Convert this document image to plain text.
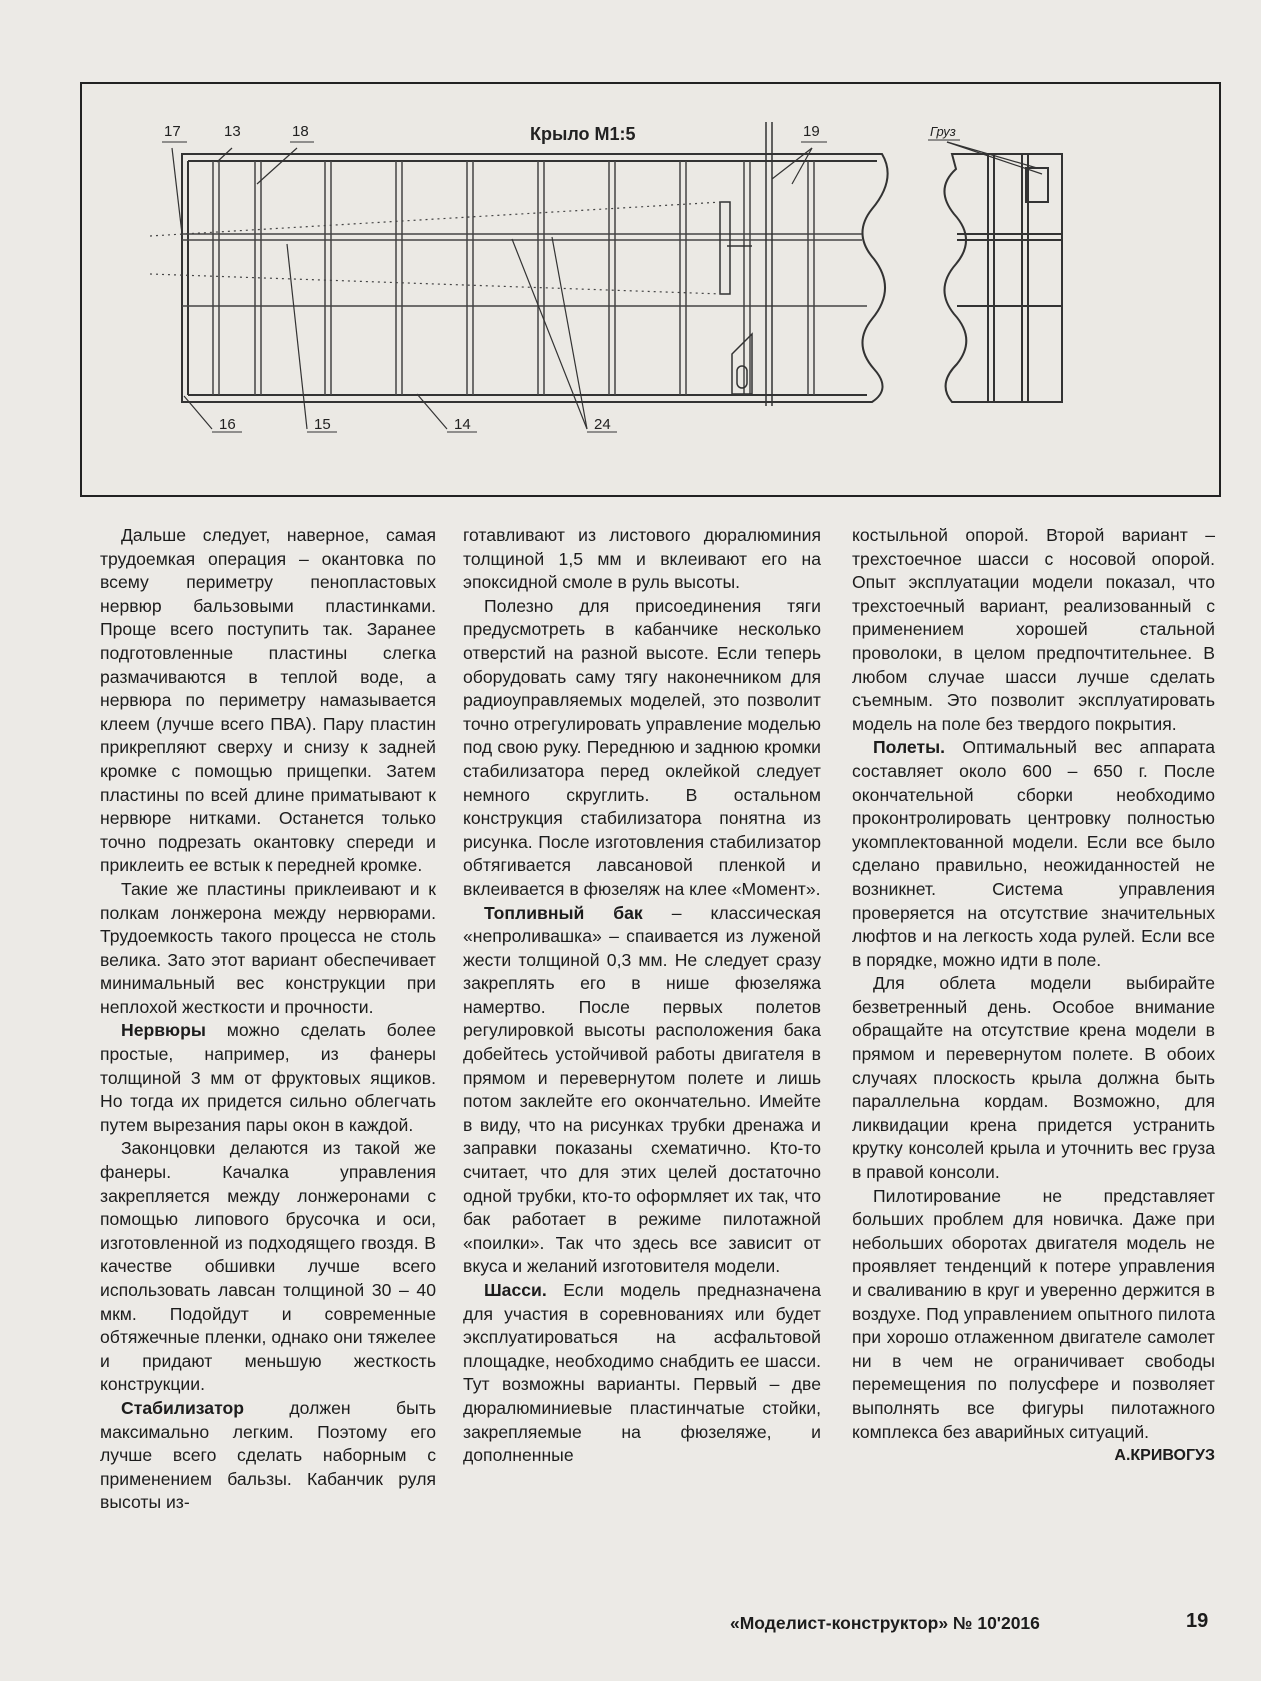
Крыло М1:5
17	13	18	19
16	15	14	24
Груз

Дальше следует, наверное, самая трудоемкая операция – окантовка по всему периметру пенопластовых нервюр бальзовыми пластинками. Проще всего поступить так. Заранее подготовленные пластины слегка размачиваются в теплой воде, а нервюра по периметру намазывается клеем (лучше всего ПВА). Пару пластин прикрепляют сверху и снизу к задней кромке с помощью прищепки. Затем пластины по всей длине приматывают к нервюре нитками. Останется только точно подрезать окантовку спереди и приклеить ее встык к передней кромке.

Такие же пластины приклеивают и к полкам лонжерона между нервюрами. Трудоемкость такого процесса не столь велика. Зато этот вариант обеспечивает минимальный вес конструкции при неплохой жесткости и прочности.

Нервюры можно сделать более простые, например, из фанеры толщиной 3 мм от фруктовых ящиков. Но тогда их придется сильно облегчать путем вырезания пары окон в каждой.

Законцовки делаются из такой же фанеры. Качалка управления закрепляется между лонжеронами с помощью липового брусочка и оси, изготовленной из подходящего гвоздя. В качестве обшивки лучше всего использовать лавсан толщиной 30 – 40 мкм. Подойдут и современные обтяжечные пленки, однако они тяжелее и придают меньшую жесткость конструкции.

Стабилизатор должен быть максимально легким. Поэтому его лучше всего сделать наборным с применением бальзы. Кабанчик руля высоты из-

готавливают из листового дюралюминия толщиной 1,5 мм и вклеивают его на эпоксидной смоле в руль высоты.

Полезно для присоединения тяги предусмотреть в кабанчике несколько отверстий на разной высоте. Если теперь оборудовать саму тягу наконечником для радиоуправляемых моделей, это позволит точно отрегулировать управление моделью под свою руку. Переднюю и заднюю кромки стабилизатора перед оклейкой следует немного скруглить. В остальном конструкция стабилизатора понятна из рисунка. После изготовления стабилизатор обтягивается лавсановой пленкой и вклеивается в фюзеляж на клее «Момент».

Топливный бак – классическая «непроливашка» – спаивается из луженой жести толщиной 0,3 мм. Не следует сразу закреплять его в нише фюзеляжа намертво. После первых полетов регулировкой высоты расположения бака добейтесь устойчивой работы двигателя в прямом и перевернутом полете и лишь потом заклейте его окончательно. Имейте в виду, что на рисунках трубки дренажа и заправки показаны схематично. Кто-то считает, что для этих целей достаточно одной трубки, кто-то оформляет их так, что бак работает в режиме пилотажной «поилки». Так что здесь все зависит от вкуса и желаний изготовителя модели.

Шасси. Если модель предназначена для участия в соревнованиях или будет эксплуатироваться на асфальтовой площадке, необходимо снабдить ее шасси. Тут возможны варианты. Первый – две дюралюминиевые пластинчатые стойки, закрепляемые на фюзеляже, и дополненные

костыльной опорой. Второй вариант – трехстоечное шасси с носовой опорой. Опыт эксплуатации модели показал, что трехстоечный вариант, реализованный с применением хорошей стальной проволоки, в целом предпочтительнее. В любом случае шасси лучше сделать съемным. Это позволит эксплуатировать модель на поле без твердого покрытия.

Полеты. Оптимальный вес аппарата составляет около 600 – 650 г. После окончательной сборки необходимо проконтролировать центровку полностью укомплектованной модели. Если все было сделано правильно, неожиданностей не возникнет. Система управления проверяется на отсутствие значительных люфтов и на легкость хода рулей. Если все в порядке, можно идти в поле.

Для облета модели выбирайте безветренный день. Особое внимание обращайте на отсутствие крена модели в прямом и перевернутом полете. В обоих случаях плоскость крыла должна быть параллельна кордам. Возможно, для ликвидации крена придется устранить крутку консолей крыла и уточнить вес груза в правой консоли.

Пилотирование не представляет больших проблем для новичка. Даже при небольших оборотах двигателя модель не проявляет тенденций к потере управления и сваливанию в круг и уверенно держится в воздухе. Под управлением опытного пилота при хорошо отлаженном двигателе самолет ни в чем не ограничивает свободы перемещения по полусфере и позволяет выполнять все фигуры пилотажного комплекса без аварийных ситуаций.

А.КРИВОГУЗ

«Моделист-конструктор» № 10'2016	19
